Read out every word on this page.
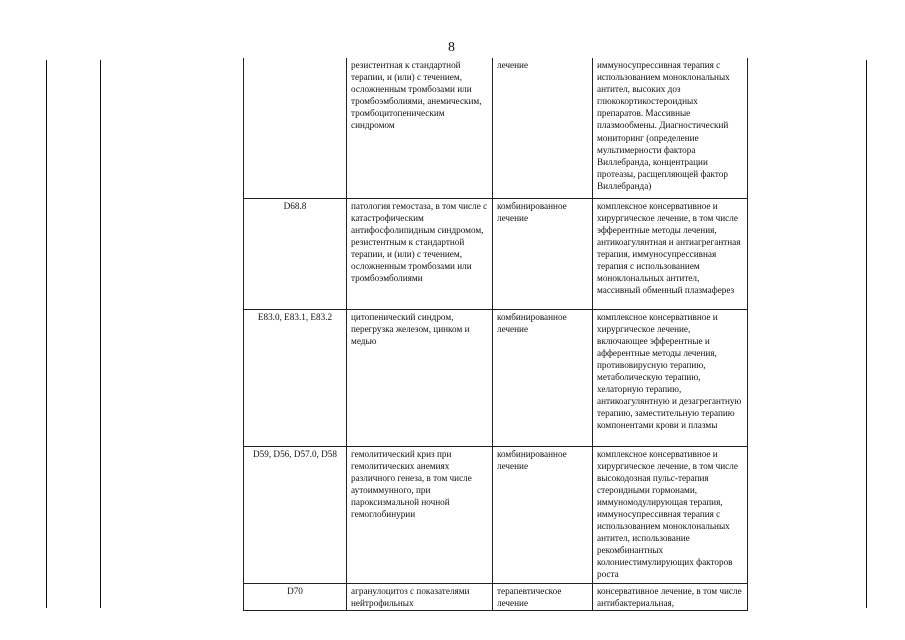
8
	резистентная к стандартной терапии, и (или) с течением, осложненным тромбозами или тромбоэмболиями, анемическим, тромбоцитопеническим синдромом	лечение	иммуносупрессивная терапия с использованием моноклональных антител, высоких доз глюкокортикостероидных препаратов. Массивные плазмообмены. Диагностический мониторинг (определение мультимерности фактора Виллебранда, концентрации протеазы, расщепляющей фактор Виллебранда)
D68.8	патология гемостаза, в том числе с катастрофическим антифосфолипидным синдромом, резистентным к стандартной терапии, и (или) с течением, осложненным тромбозами или тромбоэмболиями	комбинированное лечение	комплексное консервативное и хирургическое лечение, в том числе эфферентные методы лечения, антикоагулянтная и антиагрегантная терапия, иммуносупрессивная терапия с использованием моноклональных антител, массивный обменный плазмаферез
E83.0, E83.1, E83.2	цитопенический синдром, перегрузка железом, цинком и медью	комбинированное лечение	комплексное консервативное и хирургическое лечение, включающее эфферентные и афферентные методы лечения, противовирусную терапию, метаболическую терапию, хелаторную терапию, антикоагулянтную и дезагрегантную терапию, заместительную терапию компонентами крови и плазмы
D59, D56, D57.0, D58	гемолитический криз при гемолитических анемиях различного генеза, в том числе аутоиммунного, при пароксизмальной ночной гемоглобинурии	комбинированное лечение	комплексное консервативное и хирургическое лечение, в том числе высокодозная пульс-терапия стероидными гормонами, иммуномодулирующая терапия, иммуносупрессивная терапия с использованием моноклональных антител, использование рекомбинантных колониестимулирующих факторов роста
D70	агранулоцитоз с показателями нейтрофильных	терапевтическое лечение	консервативное лечение, в том числе антибактериальная,
